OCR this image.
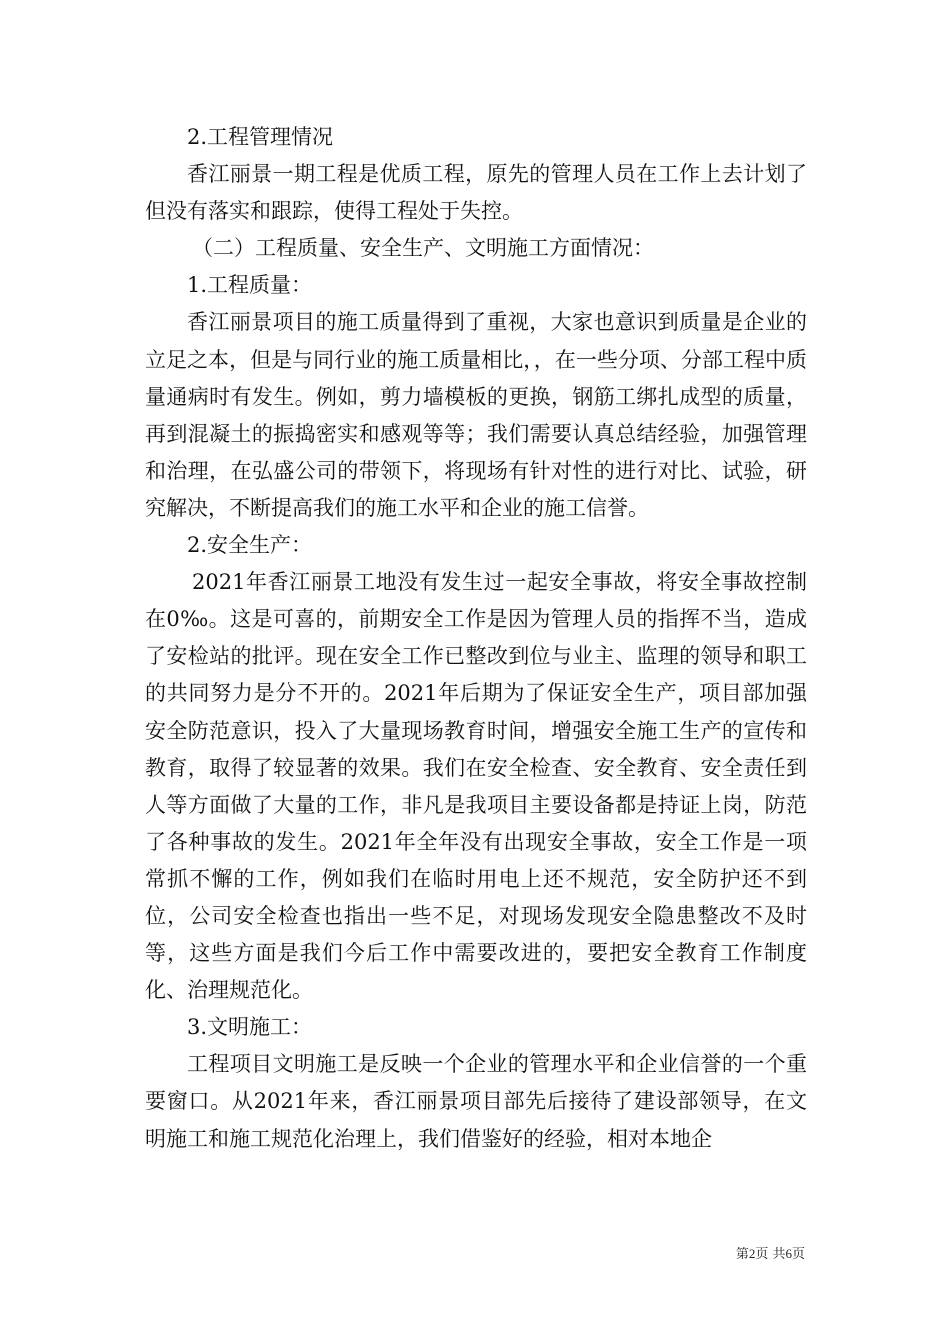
2.工程管理情况

香江丽景一期工程是优质工程，原先的管理人员在工作上去计划了但没有落实和跟踪，使得工程处于失控。

（二）工程质量、安全生产、文明施工方面情况：

1.工程质量：

香江丽景项目的施工质量得到了重视，大家也意识到质量是企业的立足之本，但是与同行业的施工质量相比，，在一些分项、分部工程中质量通病时有发生。例如，剪力墙模板的更换，钢筋工绑扎成型的质量，再到混凝土的振捣密实和感观等等；我们需要认真总结经验，加强管理和治理，在弘盛公司的带领下，将现场有针对性的进行对比、试验，研究解决，不断提高我们的施工水平和企业的施工信誉。

2.安全生产：

2021年香江丽景工地没有发生过一起安全事故，将安全事故控制在0‰。这是可喜的，前期安全工作是因为管理人员的指挥不当，造成了安检站的批评。现在安全工作已整改到位与业主、监理的领导和职工的共同努力是分不开的。2021年后期为了保证安全生产，项目部加强安全防范意识，投入了大量现场教育时间，增强安全施工生产的宣传和教育，取得了较显著的效果。我们在安全检查、安全教育、安全责任到人等方面做了大量的工作，非凡是我项目主要设备都是持证上岗，防范了各种事故的发生。2021年全年没有出现安全事故，安全工作是一项常抓不懈的工作，例如我们在临时用电上还不规范，安全防护还不到位，公司安全检查也指出一些不足，对现场发现安全隐患整改不及时等，这些方面是我们今后工作中需要改进的，要把安全教育工作制度化、治理规范化。

3.文明施工：

工程项目文明施工是反映一个企业的管理水平和企业信誉的一个重要窗口。从2021年来，香江丽景项目部先后接待了建设部领导，在文明施工和施工规范化治理上，我们借鉴好的经验，相对本地企

第2页 共6页
